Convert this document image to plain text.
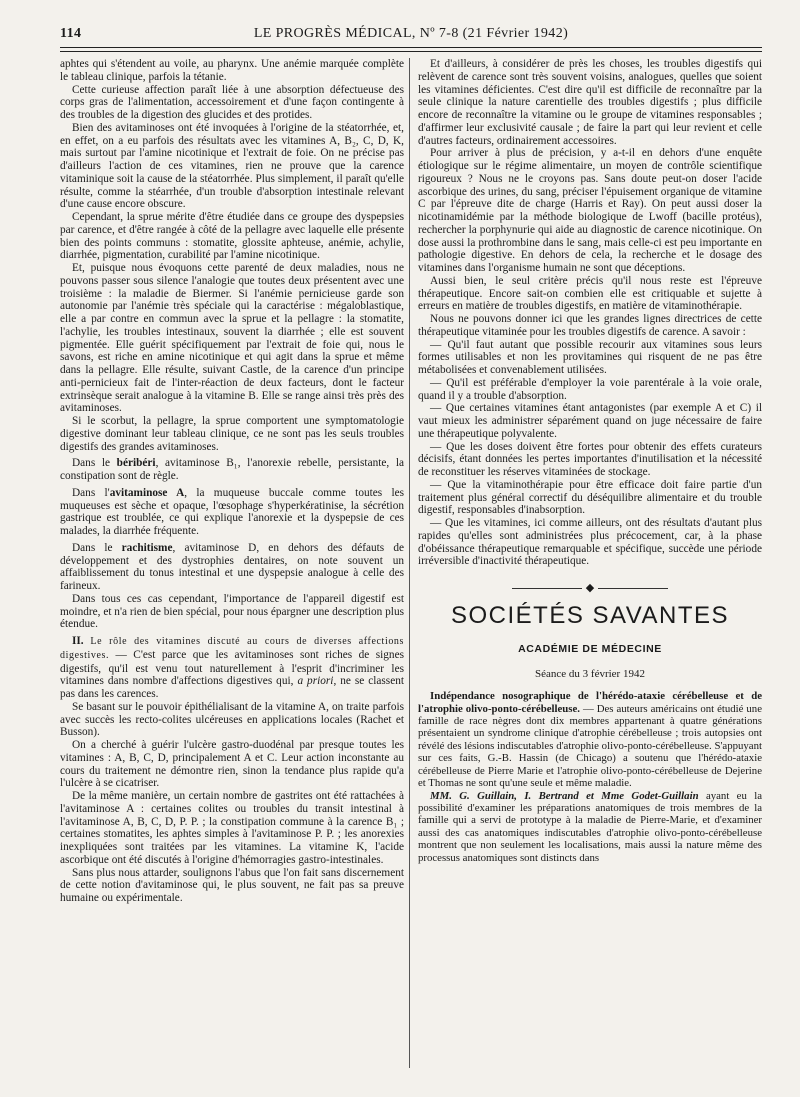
114	LE PROGRÈS MÉDICAL, Nº 7-8 (21 Février 1942)

aphtes qui s'étendent au voile, au pharynx. Une anémie marquée complète le tableau clinique, parfois la tétanie.

Cette curieuse affection paraît liée à une absorption défectueuse des corps gras de l'alimentation, accessoirement et d'une façon contingente à des troubles de la digestion des glucides et des protides.

Bien des avitaminoses ont été invoquées à l'origine de la stéatorrhée, et, en effet, on a eu parfois des résultats avec les vitamines A, B₂, C, D, K, mais surtout par l'amine nicotinique et l'extrait de foie. On ne précise pas d'ailleurs l'action de ces vitamines, rien ne prouve que la carence vitaminique soit la cause de la stéatorrhée. Plus simplement, il paraît qu'elle résulte, comme la stéarrhée, d'un trouble d'absorption intestinale relevant d'une cause encore obscure.

Cependant, la sprue mérite d'être étudiée dans ce groupe des dyspepsies par carence, et d'être rangée à côté de la pellagre avec laquelle elle présente bien des points communs : stomatite, glossite aphteuse, anémie, achylie, diarrhée, pigmentation, curabilité par l'amine nicotinique.

Et, puisque nous évoquons cette parenté de deux maladies, nous ne pouvons passer sous silence l'analogie que toutes deux présentent avec une troisième : la maladie de Biermer. Si l'anémie pernicieuse garde son autonomie par l'anémie très spéciale qui la caractérise : mégaloblastique, elle a par contre en commun avec la sprue et la pellagre : la stomatite, l'achylie, les troubles intestinaux, souvent la diarrhée ; elle est souvent pigmentée. Elle guérit spécifiquement par l'extrait de foie qui, nous le savons, est riche en amine nicotinique et qui agit dans la sprue et même dans la pellagre. Elle résulte, suivant Castle, de la carence d'un principe anti-pernicieux fait de l'inter-réaction de deux facteurs, dont le facteur extrinsèque serait analogue à la vitamine B. Elle se range ainsi très près des avitaminoses.

Si le scorbut, la pellagre, la sprue comportent une symptomatologie digestive dominant leur tableau clinique, ce ne sont pas les seuls troubles digestifs des grandes avitaminoses.

Dans le béribéri, avitaminose B₁, l'anorexie rebelle, persistante, la constipation sont de règle.

Dans l'avitaminose A, la muqueuse buccale comme toutes les muqueuses est sèche et opaque, l'œsophage s'hyperkératinise, la sécrétion gastrique est troublée, ce qui explique l'anorexie et la dyspepsie de ces malades, la diarrhée fréquente.

Dans le rachitisme, avitaminose D, en dehors des défauts de développement et des dystrophies dentaires, on note souvent un affaiblissement du tonus intestinal et une dyspepsie analogue à celle des farineux.

Dans tous ces cas cependant, l'importance de l'appareil digestif est moindre, et n'a rien de bien spécial, pour nous épargner une description plus étendue.

II. Le rôle des vitamines discuté au cours de diverses affections digestives. — C'est parce que les avitaminoses sont riches de signes digestifs, qu'il est venu tout naturellement à l'esprit d'incriminer les vitamines dans nombre d'affections digestives qui, a priori, ne se classent pas dans les carences.

Se basant sur le pouvoir épithélialisant de la vitamine A, on traite parfois avec succès les recto-colites ulcéreuses en applications locales (Rachet et Busson).

On a cherché à guérir l'ulcère gastro-duodénal par presque toutes les vitamines : A, B, C, D, principalement A et C. Leur action inconstante au cours du traitement ne démontre rien, sinon la tendance plus rapide qu'a l'ulcère à se cicatriser.

De la même manière, un certain nombre de gastrites ont été rattachées à l'avitaminose A : certaines colites ou troubles du transit intestinal à l'avitaminose A, B, C, D, P. P. ; la constipation commune à la carence B₁ ; certaines stomatites, les aphtes simples à l'avitaminose P. P. ; les anorexies inexpliquées sont traitées par les vitamines. La vitamine K, l'acide ascorbique ont été discutés à l'origine d'hémorragies gastro-intestinales.

Sans plus nous attarder, soulignons l'abus que l'on fait sans discernement de cette notion d'avitaminose qui, le plus souvent, ne fait pas sa preuve humaine ou expérimentale.

Et d'ailleurs, à considérer de près les choses, les troubles digestifs qui relèvent de carence sont très souvent voisins, analogues, quelles que soient les vitamines déficientes. C'est dire qu'il est difficile de reconnaître par la seule clinique la nature carentielle des troubles digestifs ; plus difficile encore de reconnaître la vitamine ou le groupe de vitamines responsables ; d'affirmer leur exclusivité causale ; de faire la part qui leur revient et celle d'autres facteurs, ordinairement accessoires.

Pour arriver à plus de précision, y a-t-il en dehors d'une enquête étiologique sur le régime alimentaire, un moyen de contrôle scientifique rigoureux ? Nous ne le croyons pas. Sans doute peut-on doser l'acide ascorbique des urines, du sang, préciser l'épuisement organique de vitamine C par l'épreuve dite de charge (Harris et Ray). On peut aussi doser la nicotinamidémie par la méthode biologique de Lwoff (bacille protéus), rechercher la porphynurie qui aide au diagnostic de carence nicotinique. On dose aussi la prothrombine dans le sang, mais celle-ci est peu importante en pathologie digestive. En dehors de cela, la recherche et le dosage des vitamines dans l'organisme humain ne sont que déceptions.

Aussi bien, le seul critère précis qu'il nous reste est l'épreuve thérapeutique. Encore sait-on combien elle est critiquable et sujette à erreurs en matière de troubles digestifs, en matière de vitaminothérapie.

Nous ne pouvons donner ici que les grandes lignes directrices de cette thérapeutique vitaminée pour les troubles digestifs de carence. A savoir :

— Qu'il faut autant que possible recourir aux vitamines sous leurs formes utilisables et non les provitamines qui risquent de ne pas être métabolisées et convenablement utilisées.

— Qu'il est préférable d'employer la voie parentérale à la voie orale, quand il y a trouble d'absorption.

— Que certaines vitamines étant antagonistes (par exemple A et C) il vaut mieux les administrer séparément quand on juge nécessaire de faire une thérapeutique polyvalente.

— Que les doses doivent être fortes pour obtenir des effets curateurs décisifs, étant données les pertes importantes d'inutilisation et la nécessité de reconstituer les réserves vitaminées de stockage.

— Que la vitaminothérapie pour être efficace doit faire partie d'un traitement plus général correctif du déséquilibre alimentaire et du trouble digestif, responsables d'inabsorption.

— Que les vitamines, ici comme ailleurs, ont des résultats d'autant plus rapides qu'elles sont administrées plus précocement, car, à la phase d'obéissance thérapeutique remarquable et spécifique, succède une période irréversible d'inactivité thérapeutique.

◆
SOCIÉTÉS SAVANTES
ACADÉMIE DE MÉDECINE
Séance du 3 février 1942

Indépendance nosographique de l'hérédo-ataxie cérébelleuse et de l'atrophie olivo-ponto-cérébelleuse. — Des auteurs américains ont étudié une famille de race nègres dont dix membres appartenant à quatre générations présentaient un syndrome clinique d'atrophie cérébelleuse ; trois autopsies ont révélé des lésions indiscutables d'atrophie olivo-ponto-cérébelleuse. S'appuyant sur ces faits, G.-B. Hassin (de Chicago) a soutenu que l'hérédo-ataxie cérébelleuse de Pierre Marie et l'atrophie olivo-ponto-cérébelleuse de Dejerine et Thomas ne sont qu'une seule et même maladie.

MM. G. Guillain, I. Bertrand et Mme Godet-Guillain ayant eu la possibilité d'examiner les préparations anatomiques de trois membres de la famille qui a servi de prototype à la maladie de Pierre-Marie, et d'examiner aussi des cas anatomiques indiscutables d'atrophie olivo-ponto-cérébelleuse montrent que non seulement les localisations, mais aussi la nature même des processus anatomiques sont distincts dans
